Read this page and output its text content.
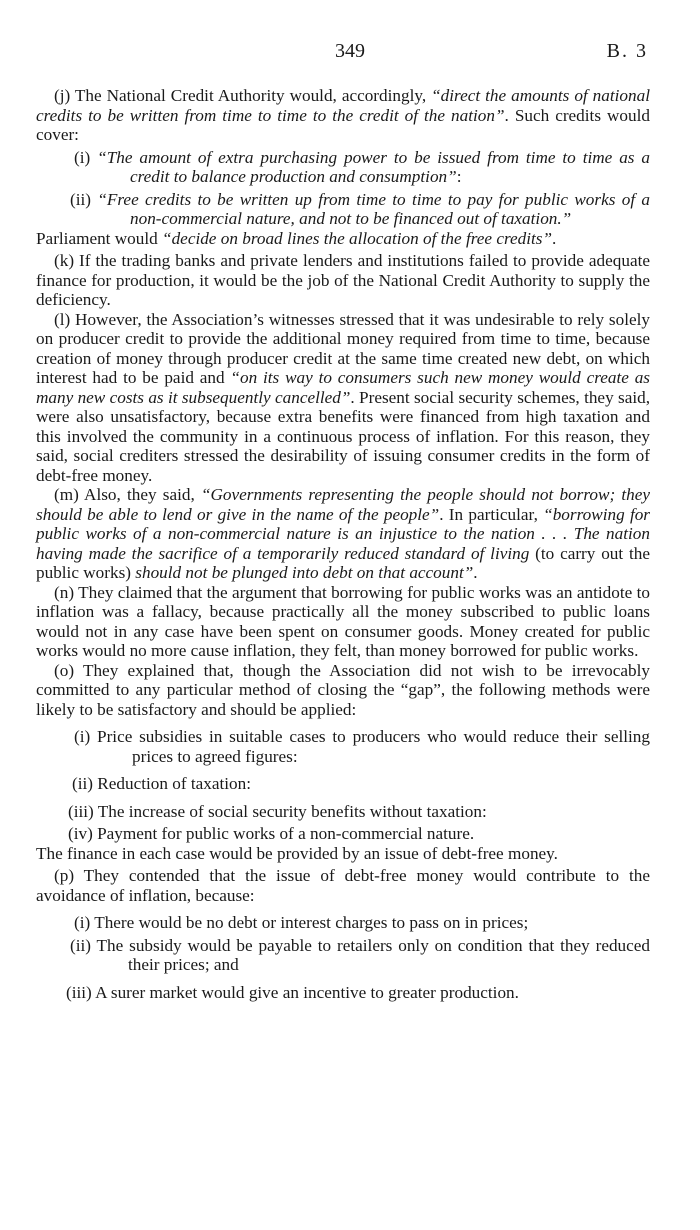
349	B. 3
(j) The National Credit Authority would, accordingly, “direct the amounts of national credits to be written from time to time to the credit of the nation”. Such credits would cover:
(i) “The amount of extra purchasing power to be issued from time to time as a credit to balance production and consumption”:
(ii) “Free credits to be written up from time to time to pay for public works of a non-commercial nature, and not to be financed out of taxation.”
Parliament would “decide on broad lines the allocation of the free credits”.
(k) If the trading banks and private lenders and institutions failed to provide adequate finance for production, it would be the job of the National Credit Authority to supply the deficiency.
(l) However, the Association’s witnesses stressed that it was undesirable to rely solely on producer credit to provide the additional money required from time to time, because creation of money through producer credit at the same time created new debt, on which interest had to be paid and “on its way to consumers such new money would create as many new costs as it subsequently cancelled”. Present social security schemes, they said, were also unsatisfactory, because extra benefits were financed from high taxation and this involved the community in a continuous process of inflation. For this reason, they said, social crediters stressed the desirability of issuing consumer credits in the form of debt-free money.
(m) Also, they said, “Governments representing the people should not borrow; they should be able to lend or give in the name of the people”. In particular, “borrowing for public works of a non-commercial nature is an injustice to the nation . . . The nation having made the sacrifice of a temporarily reduced standard of living (to carry out the public works) should not be plunged into debt on that account”.
(n) They claimed that the argument that borrowing for public works was an antidote to inflation was a fallacy, because practically all the money subscribed to public loans would not in any case have been spent on consumer goods. Money created for public works would no more cause inflation, they felt, than money borrowed for public works.
(o) They explained that, though the Association did not wish to be irrevocably committed to any particular method of closing the “gap”, the following methods were likely to be satisfactory and should be applied:
(i) Price subsidies in suitable cases to producers who would reduce their selling prices to agreed figures:
(ii) Reduction of taxation:
(iii) The increase of social security benefits without taxation:
(iv) Payment for public works of a non-commercial nature.
The finance in each case would be provided by an issue of debt-free money.
(p) They contended that the issue of debt-free money would contribute to the avoidance of inflation, because:
(i) There would be no debt or interest charges to pass on in prices;
(ii) The subsidy would be payable to retailers only on condition that they reduced their prices; and
(iii) A surer market would give an incentive to greater production.
